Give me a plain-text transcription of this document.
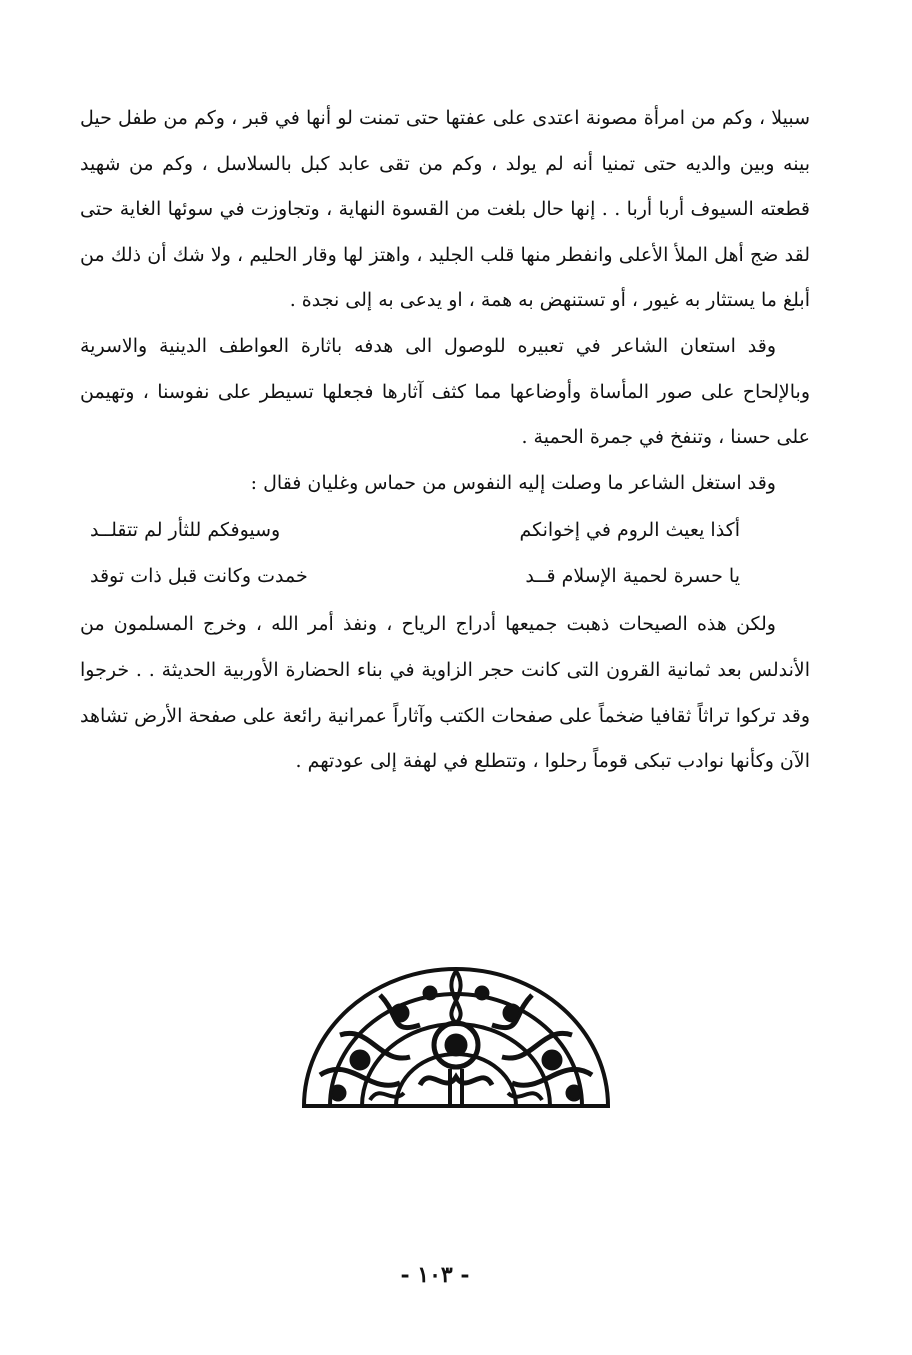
سبيلا ، وكم من امرأة مصونة اعتدى على عفتها حتى تمنت لو أنها في قبر ، وكم من طفل حيل بينه وبين والديه حتى تمنيا أنه لم يولد ، وكم من تقى عابد كبل بالسلاسل ، وكم من شهيد قطعته السيوف أربا أربا . . إنها حال بلغت من القسوة النهاية ، وتجاوزت في سوئها الغاية حتى لقد ضج أهل الملأ الأعلى وانفطر منها قلب الجليد ، واهتز لها وقار الحليم ، ولا شك أن ذلك من أبلغ ما يستثار به غيور ، أو تستنهض به همة ، او يدعى به إلى نجدة .

وقد استعان الشاعر في تعبيره للوصول الى هدفه باثارة العواطف الدينية والاسرية وبالإلحاح على صور المأساة وأوضاعها مما كثف آثارها فجعلها تسيطر على نفوسنا ، وتهيمن على حسنا ، وتنفخ في جمرة الحمية .

وقد استغل الشاعر ما وصلت إليه النفوس من حماس وغليان فقال :

أكذا يعيث الروم في إخوانكم
وسيوفكم للثأر لم تتقلــد
يا حسرة لحمية الإسلام قــد
خمدت وكانت قبل ذات توقد

ولكن هذه الصيحات ذهبت جميعها أدراج الرياح ، ونفذ أمر الله ، وخرج المسلمون من الأندلس بعد ثمانية القرون التى كانت حجر الزاوية في بناء الحضارة الأوربية الحديثة . . خرجوا وقد تركوا تراثاً ثقافيا ضخماً على صفحات الكتب وآثاراً عمرانية رائعة على صفحة الأرض تشاهد الآن وكأنها نوادب تبكى قوماً رحلوا ، وتتطلع في لهفة إلى عودتهم .

- ١٠٣ -
